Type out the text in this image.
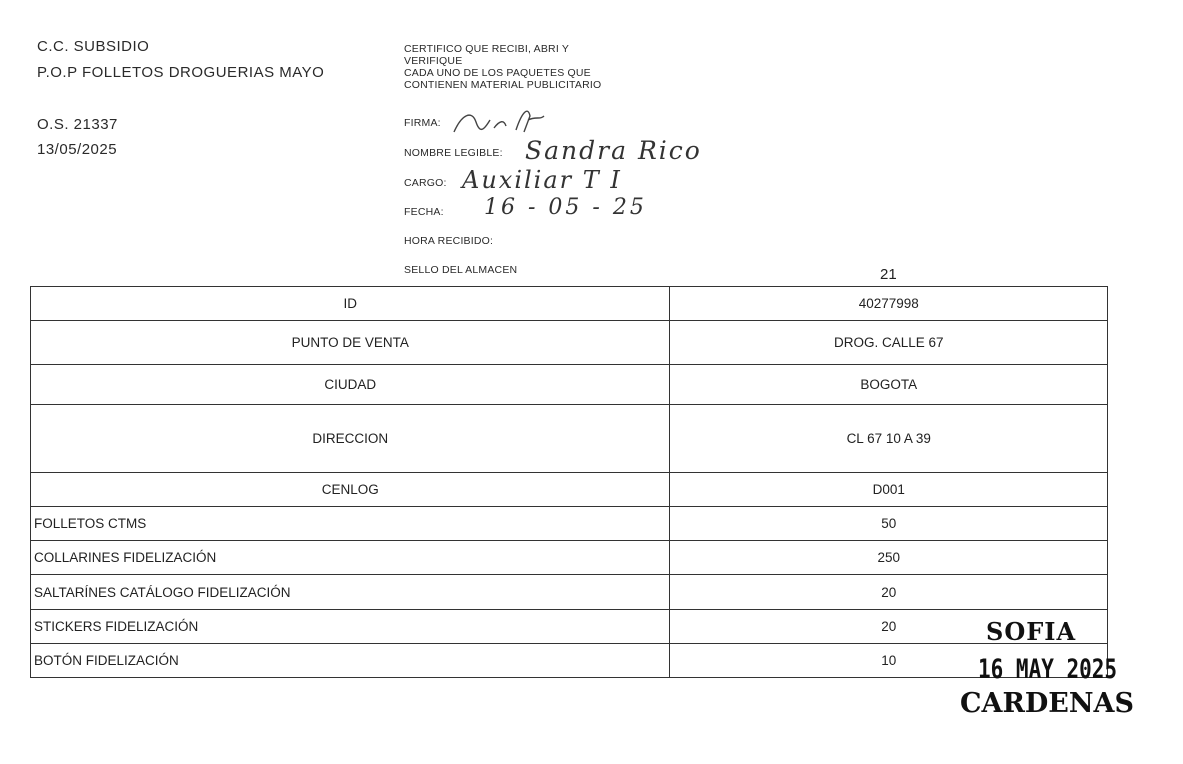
C.C. SUBSIDIO
P.O.P FOLLETOS DROGUERIAS MAYO
O.S. 21337
13/05/2025
CERTIFICO QUE RECIBI, ABRI Y
VERIFIQUE
CADA UNO DE LOS PAQUETES QUE
CONTIENEN MATERIAL PUBLICITARIO
FIRMA:
NOMBRE LEGIBLE: Sandra Rico
CARGO: Auxiliar T I
FECHA: 16 - 05 - 25
HORA RECIBIDO:
SELLO DEL ALMACEN	21
ID	40277998
PUNTO DE VENTA	DROG. CALLE 67
CIUDAD	BOGOTA
DIRECCION	CL 67 10 A 39
CENLOG	D001
FOLLETOS CTMS	50
COLLARINES FIDELIZACIÓN	250
SALTARÍNES CATÁLOGO FIDELIZACIÓN	20
STICKERS FIDELIZACIÓN	20
BOTÓN FIDELIZACIÓN	10
SOFIA
16 MAY 2025
CARDENAS
